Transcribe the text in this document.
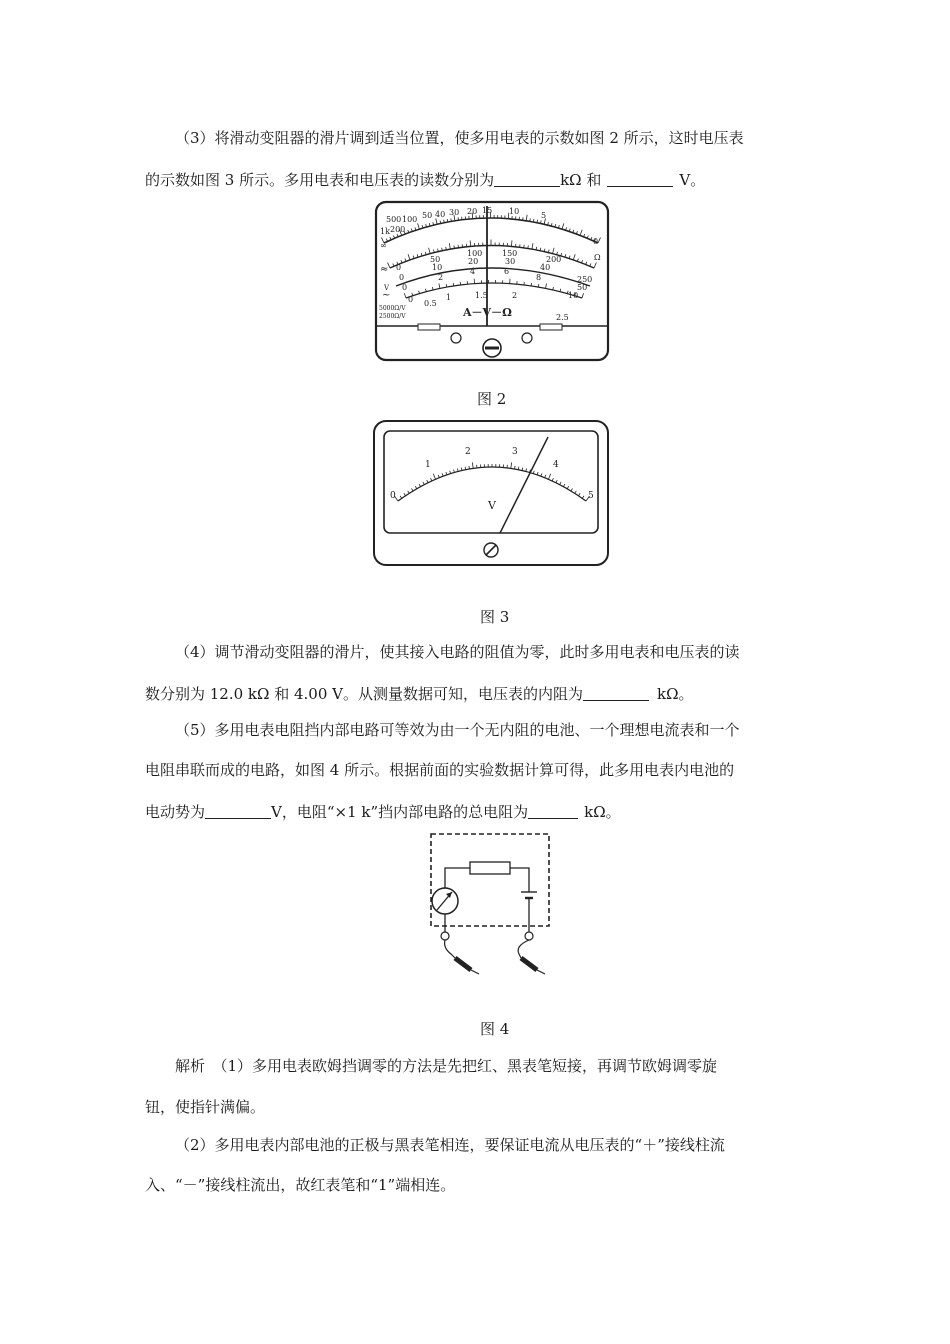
（3）将滑动变阻器的滑片调到适当位置，使多用电表的示数如图 2 所示，这时电压表
的示数如图 3 所示。多用电表和电压表的读数分别为	kΩ 和	V。
500 100 50 40 30 20 15 10	5
0
1k 200
∞
Ω
0
50
100 150
200
250
0
10
20	30
40
50
0
2
4	6
8
10
0 0.5
1	1.5	2
2.5
≈
~
V
5000Ω/V
2500Ω/V	A－V－Ω
图 2
0
1
2	3
4
5
V
图 3
（4）调节滑动变阻器的滑片，使其接入电路的阻值为零，此时多用电表和电压表的读
数分别为 12.0 kΩ 和 4.00 V。从测量数据可知，电压表的内阻为	kΩ。
（5）多用电表电阻挡内部电路可等效为由一个无内阻的电池、一个理想电流表和一个
电阻串联而成的电路，如图 4 所示。根据前面的实验数据计算可得，此多用电表内电池的
电动势为	V，电阻“×1 k”挡内部电路的总电阻为	kΩ。
图 4
解析　（1）多用电表欧姆挡调零的方法是先把红、黑表笔短接，再调节欧姆调零旋
钮，使指针满偏。
（2）多用电表内部电池的正极与黑表笔相连，要保证电流从电压表的“＋”接线柱流
入、“－”接线柱流出，故红表笔和“1”端相连。
